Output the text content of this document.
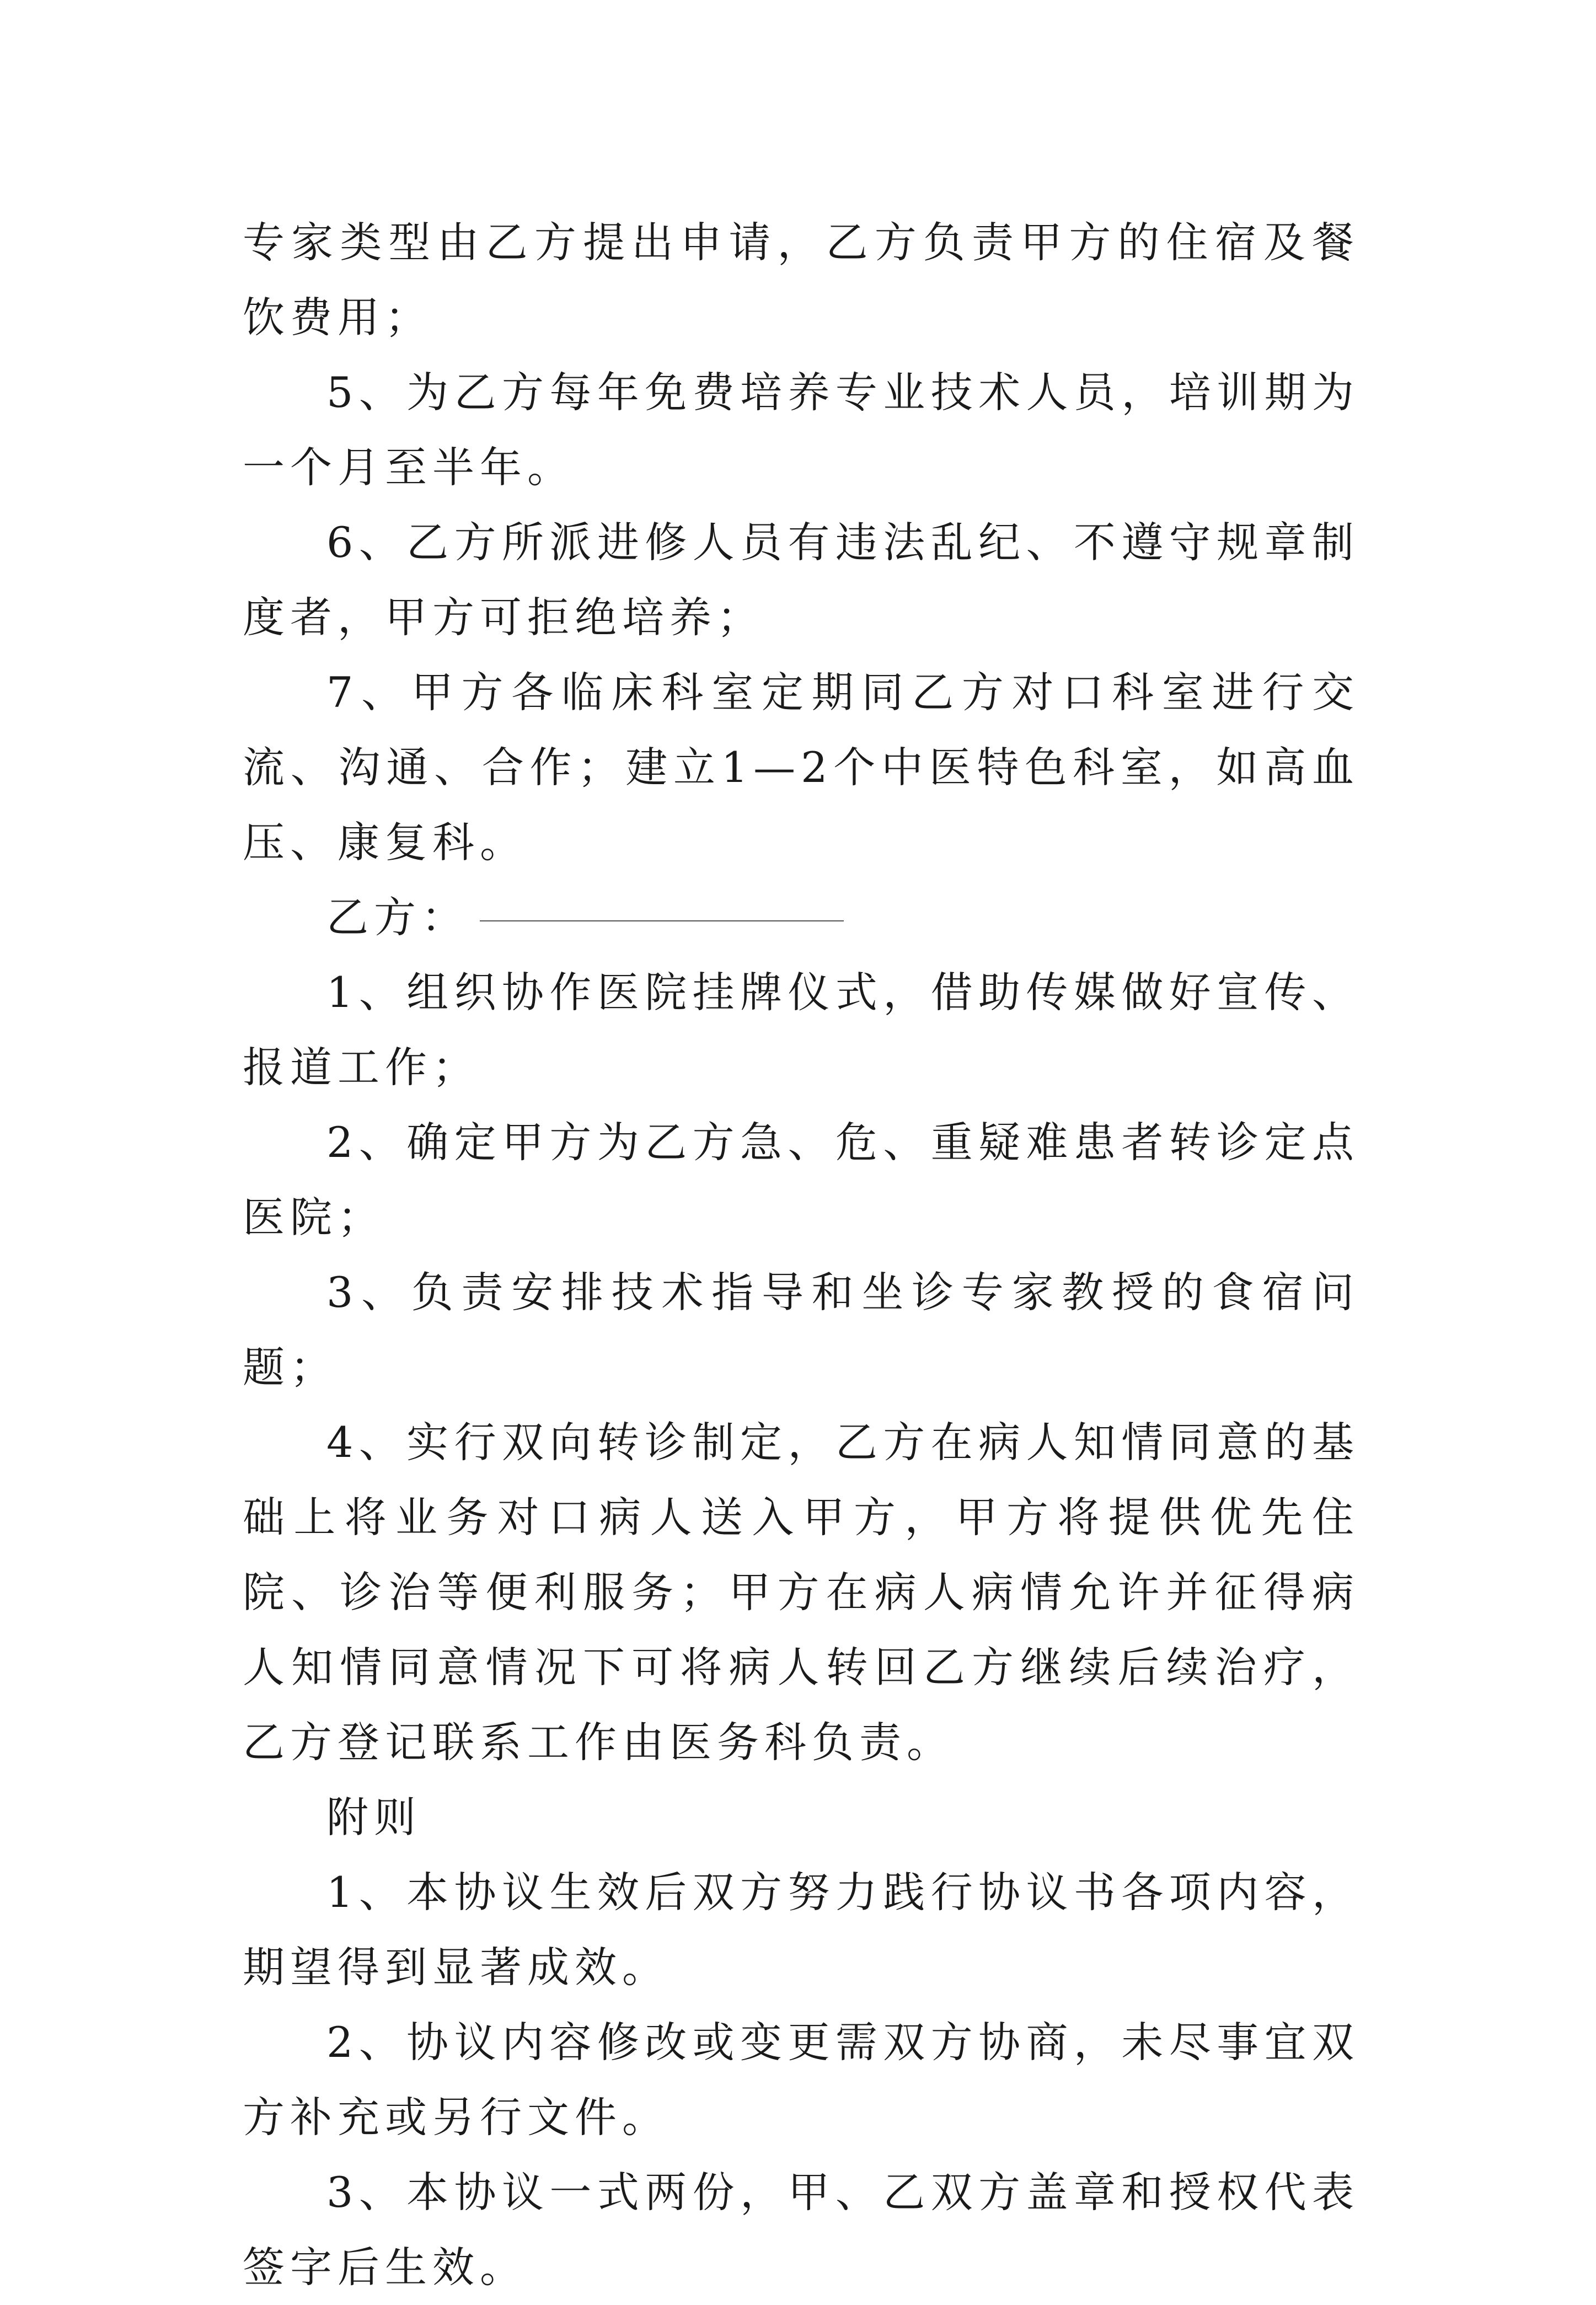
专家类型由乙方提出申请，乙方负责甲方的住宿及餐饮费用；

5、为乙方每年免费培养专业技术人员，培训期为一个月至半年。

6、乙方所派进修人员有违法乱纪、不遵守规章制度者，甲方可拒绝培养；

7、甲方各临床科室定期同乙方对口科室进行交流、沟通、合作；建立1—2个中医特色科室，如高血压、康复科。

乙方：

1、组织协作医院挂牌仪式，借助传媒做好宣传、报道工作；

2、确定甲方为乙方急、危、重疑难患者转诊定点医院；

3、负责安排技术指导和坐诊专家教授的食宿问题；

4、实行双向转诊制定，乙方在病人知情同意的基础上将业务对口病人送入甲方，甲方将提供优先住院、诊治等便利服务；甲方在病人病情允许并征得病人知情同意情况下可将病人转回乙方继续后续治疗，乙方登记联系工作由医务科负责。

附则

1、本协议生效后双方努力践行协议书各项内容，期望得到显著成效。

2、协议内容修改或变更需双方协商，未尽事宜双方补充或另行文件。

3、本协议一式两份，甲、乙双方盖章和授权代表签字后生效。
